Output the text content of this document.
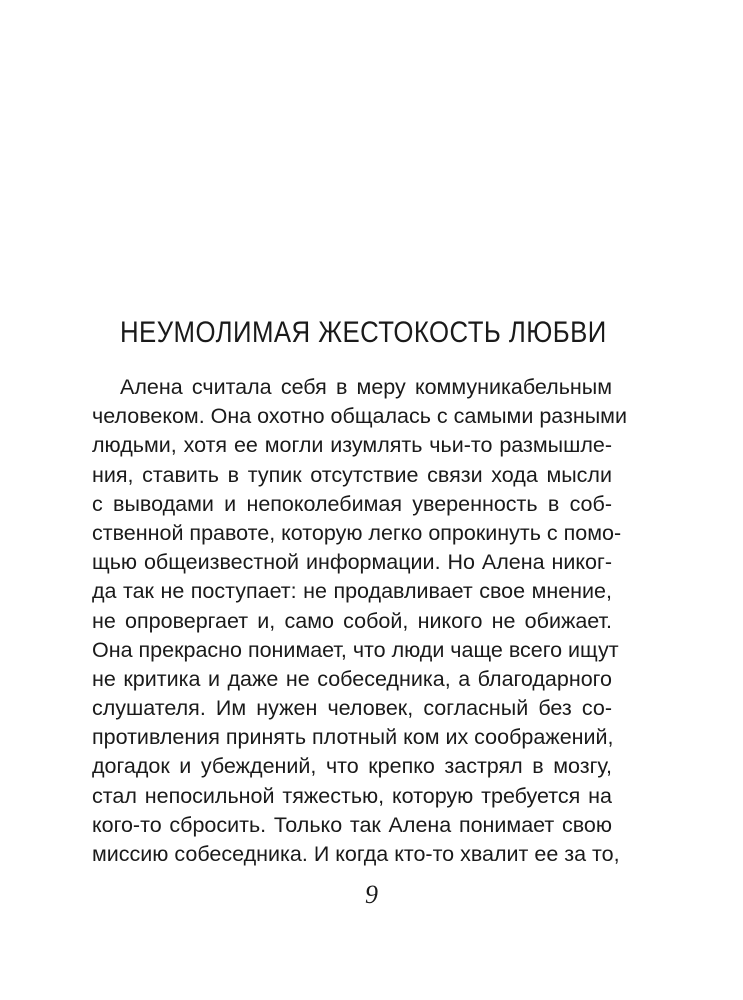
НЕУМОЛИМАЯ ЖЕСТОКОСТЬ ЛЮБВИ
Алена считала себя в меру коммуникабельным
человеком. Она охотно общалась с самыми разными
людьми, хотя ее могли изумлять чьи-то размышле-
ния, ставить в тупик отсутствие связи хода мысли
с выводами и непоколебимая уверенность в соб-
ственной правоте, которую легко опрокинуть с помо-
щью общеизвестной информации. Но Алена никог-
да так не поступает: не продавливает свое мнение,
не опровергает и, само собой, никого не обижает.
Она прекрасно понимает, что люди чаще всего ищут
не критика и даже не собеседника, а благодарного
слушателя. Им нужен человек, согласный без со-
противления принять плотный ком их соображений,
догадок и убеждений, что крепко застрял в мозгу,
стал непосильной тяжестью, которую требуется на
кого-то сбросить. Только так Алена понимает свою
миссию собеседника. И когда кто-то хвалит ее за то,

9
